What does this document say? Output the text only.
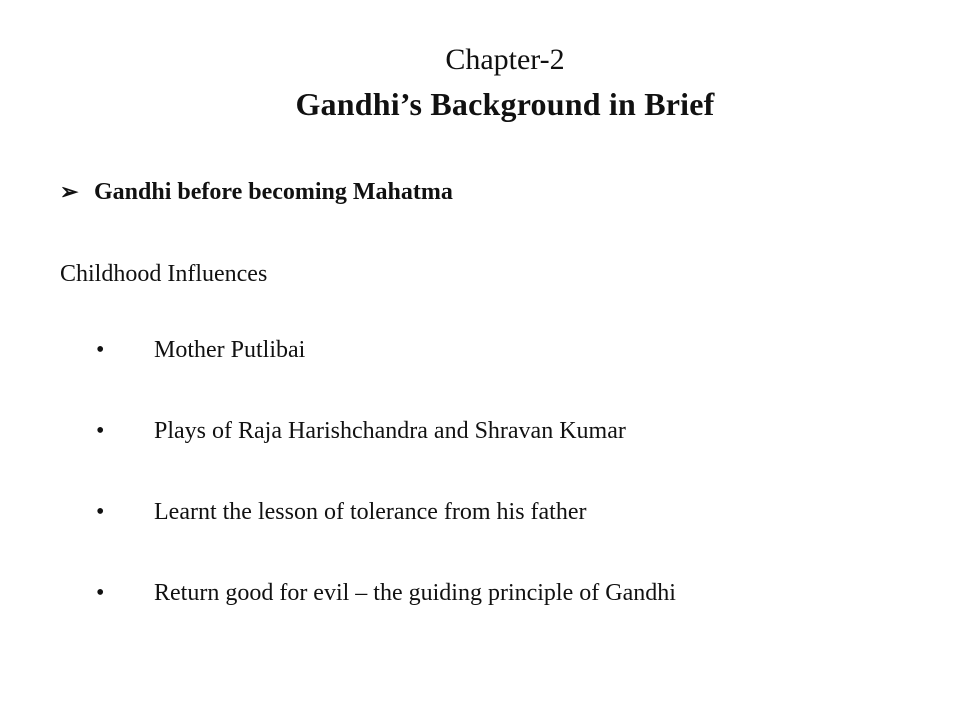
Chapter-2
Gandhi’s Background in Brief
➢ Gandhi before becoming Mahatma
Childhood Influences
•	Mother Putlibai
•	Plays of Raja Harishchandra and Shravan Kumar
•	Learnt the lesson of tolerance from his father
•	Return good for evil – the guiding principle of Gandhi
